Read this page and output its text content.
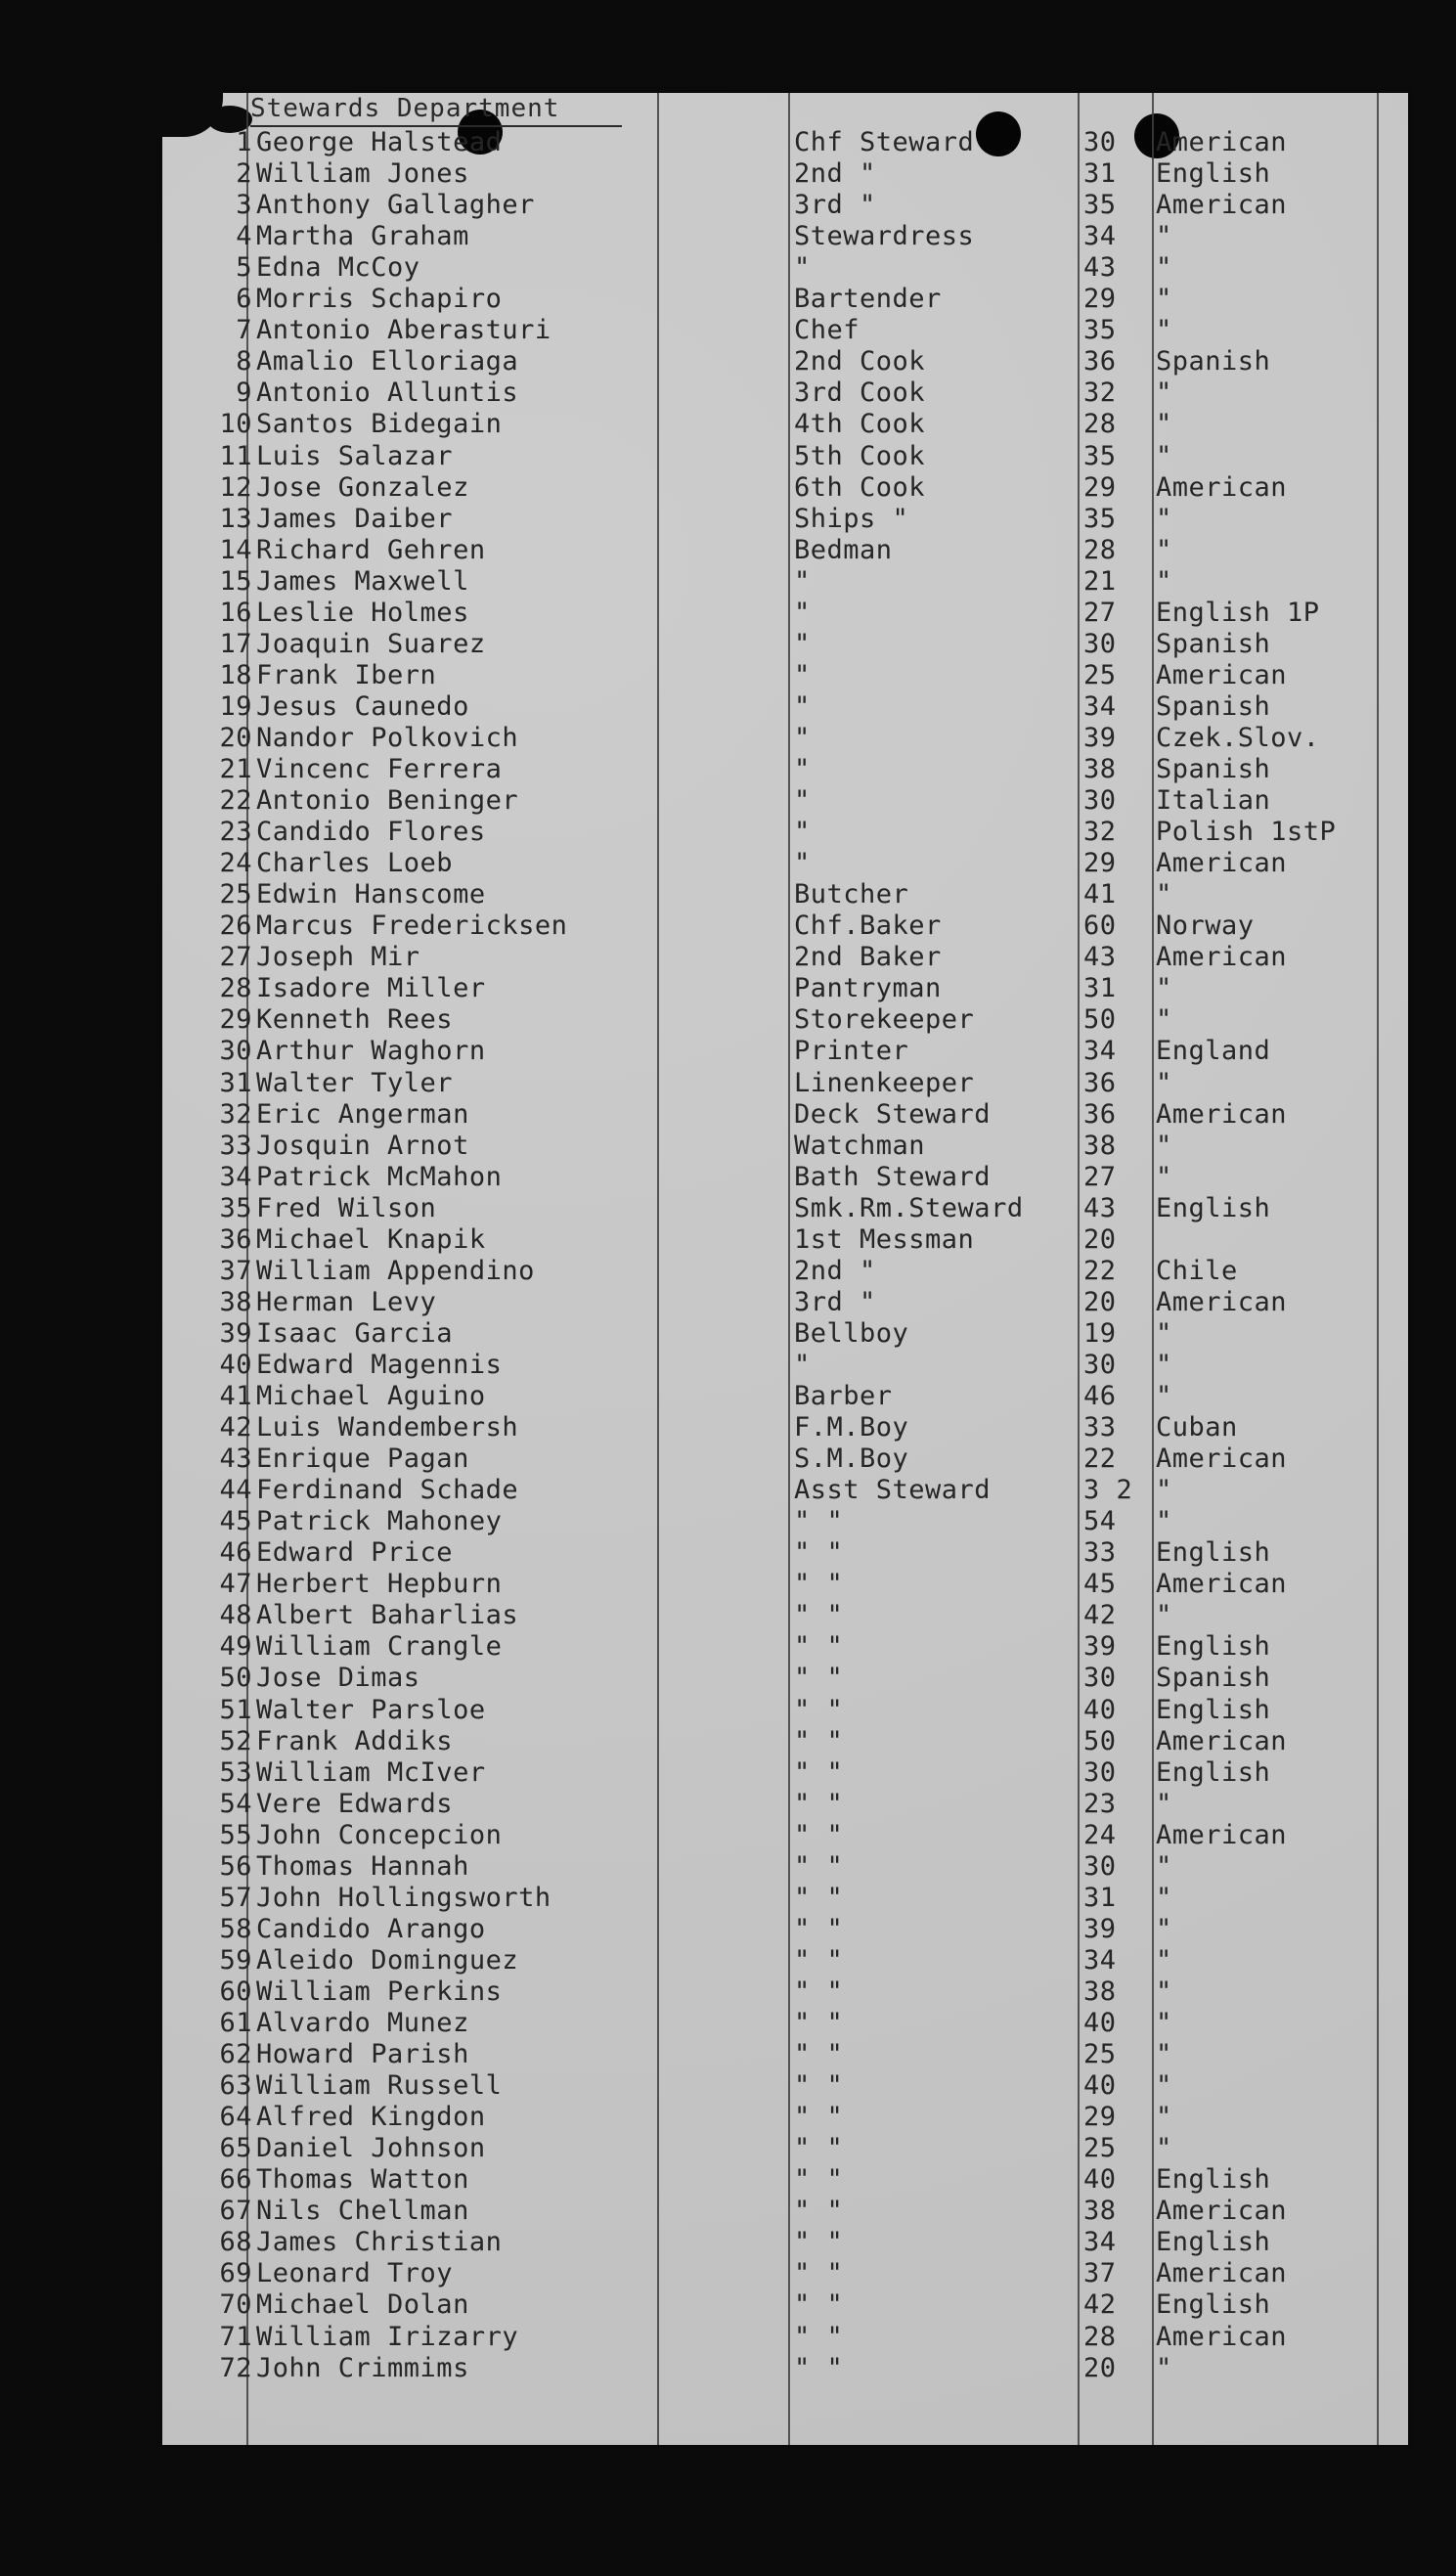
Stewards Department
1 George Halstead	Chf Steward	30 American
2 William Jones	2nd "	31 English
3 Anthony Gallagher	3rd "	35 American
4 Martha Graham	Stewardress	34 "
5 Edna McCoy	"	43 "
6 Morris Schapiro	Bartender	29 "
7 Antonio Aberasturi	Chef	35 "
8 Amalio Elloriaga	2nd Cook	36 Spanish
9 Antonio Alluntis	3rd Cook	32 "
10 Santos Bidegain	4th Cook	28 "
11 Luis Salazar	5th Cook	35 "
12 Jose Gonzalez	6th Cook	29 American
13 James Daiber	Ships "	35 "
14 Richard Gehren	Bedman	28 "
15 James Maxwell	"	21 "
16 Leslie Holmes	"	27 English 1P
17 Joaquin Suarez	"	30 Spanish
18 Frank Ibern	"	25 American
19 Jesus Caunedo	"	34 Spanish
20 Nandor Polkovich	"	39 Czek.Slov.
21 Vincenc Ferrera	"	38 Spanish
22 Antonio Beninger	"	30 Italian
23 Candido Flores	"	32 Polish 1stP
24 Charles Loeb	"	29 American
25 Edwin Hanscome	Butcher	41 "
26 Marcus Fredericksen	Chf.Baker	60 Norway
27 Joseph Mir	2nd Baker	43 American
28 Isadore Miller	Pantryman	31 "
29 Kenneth Rees	Storekeeper	50 "
30 Arthur Waghorn	Printer	34 England
31 Walter Tyler	Linenkeeper	36 "
32 Eric Angerman	Deck Steward	36 American
33 Josquin Arnot	Watchman	38 "
34 Patrick McMahon	Bath Steward	27 "
35 Fred Wilson	Smk.Rm.Steward 43 English
36 Michael Knapik	1st Messman	20
37 William Appendino	2nd "	22 Chile
38 Herman Levy	3rd "	20 American
39 Isaac Garcia	Bellboy	19 "
40 Edward Magennis	"	30 "
41 Michael Aguino	Barber	46 "
42 Luis Wandembersh	F.M.Boy	33 Cuban
43 Enrique Pagan	S.M.Boy	22 American
44 Ferdinand Schade	Asst Steward	3 2 "
45 Patrick Mahoney	" "	54 "
46 Edward Price	" "	33 English
47 Herbert Hepburn	" "	45 American
48 Albert Baharlias	" "	42 "
49 William Crangle	" "	39 English
50 Jose Dimas	" "	30 Spanish
51 Walter Parsloe	" "	40 English
52 Frank Addiks	" "	50 American
53 William McIver	" "	30 English
54 Vere Edwards	" "	23 "
55 John Concepcion	" "	24 American
56 Thomas Hannah	" "	30 "
57 John Hollingsworth	" "	31 "
58 Candido Arango	" "	39 "
59 Aleido Dominguez	" "	34 "
60 William Perkins	" "	38 "
61 Alvardo Munez	" "	40 "
62 Howard Parish	" "	25 "
63 William Russell	" "	40 "
64 Alfred Kingdon	" "	29 "
65 Daniel Johnson	" "	25 "
66 Thomas Watton	" "	40 English
67 Nils Chellman	" "	38 American
68 James Christian	" "	34 English
69 Leonard Troy	" "	37 American
70 Michael Dolan	" "	42 English
71 William Irizarry	" "	28 American
72 John Crimmims	" "	20 "
